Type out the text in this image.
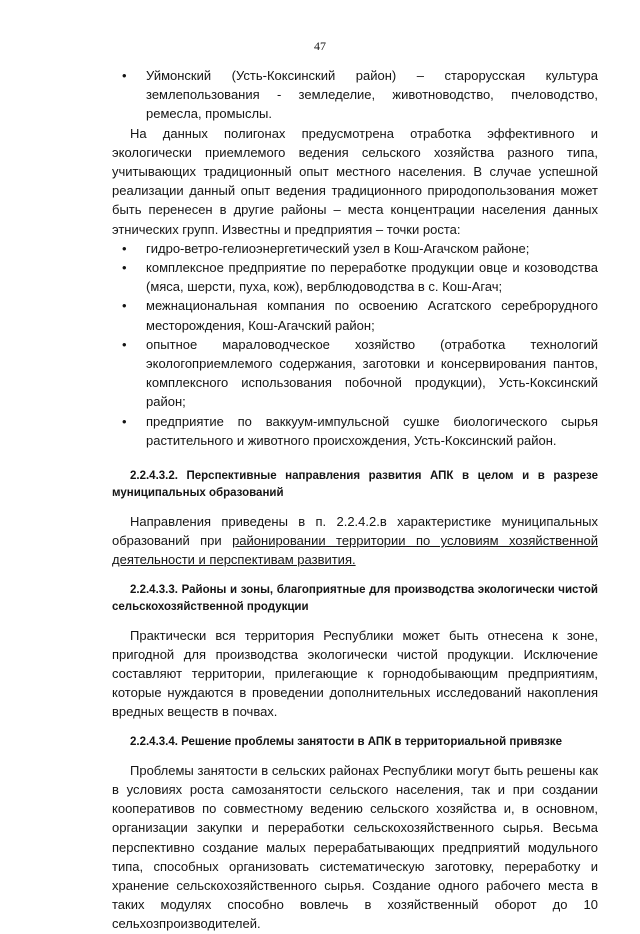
47
• Уймонский (Усть-Коксинский район) – старорусская культура землепользования - земледелие, животноводство, пчеловодство, ремесла, промыслы.

На данных полигонах предусмотрена отработка эффективного и экологически приемлемого ведения сельского хозяйства разного типа, учитывающих традиционный опыт местного населения. В случае успешной реализации данный опыт ведения традиционного природопользования может быть перенесен в другие районы – места концентрации населения данных этнических групп. Известны и предприятия – точки роста:

• гидро-ветро-гелиоэнергетический узел в Кош-Агачском районе;
• комплексное предприятие по переработке продукции овце и козоводства (мяса, шерсти, пуха, кож), верблюдоводства в с. Кош-Агач;
• межнациональная компания по освоению Асгатского сереброрудного месторождения, Кош-Агачский район;
• опытное мараловодческое хозяйство (отработка технологий экологоприемлемого содержания, заготовки и консервирования пантов, комплексного использования побочной продукции), Усть-Коксинский район;
• предприятие по ваккуум-импульсной сушке биологического сырья растительного и животного происхождения, Усть-Коксинский район.

2.2.4.3.2. Перспективные направления развития АПК в целом и в разрезе муниципальных образований

Направления приведены в п. 2.2.4.2.в характеристике муниципальных образований при районировании территории по условиям хозяйственной деятельности и перспективам развития.

2.2.4.3.3. Районы и зоны, благоприятные для производства экологически чистой сельскохозяйственной продукции

Практически вся территория Республики может быть отнесена к зоне, пригодной для производства экологически чистой продукции. Исключение составляют территории, прилегающие к горнодобывающим предприятиям, которые нуждаются в проведении дополнительных исследований накопления вредных веществ в почвах.

2.2.4.3.4. Решение проблемы занятости в АПК в территориальной привязке

Проблемы занятости в сельских районах Республики могут быть решены как в условиях роста самозанятости сельского населения, так и при создании кооперативов по совместному ведению сельского хозяйства и, в основном, организации закупки и переработки сельскохозяйственного сырья. Весьма перспективно создание малых перерабатывающих предприятий модульного типа, способных организовать систематическую заготовку, переработку и хранение сельскохозяйственного сырья. Создание одного рабочего места в таких модулях способно вовлечь в хозяйственный оборот до 10 сельхозпроизводителей.
